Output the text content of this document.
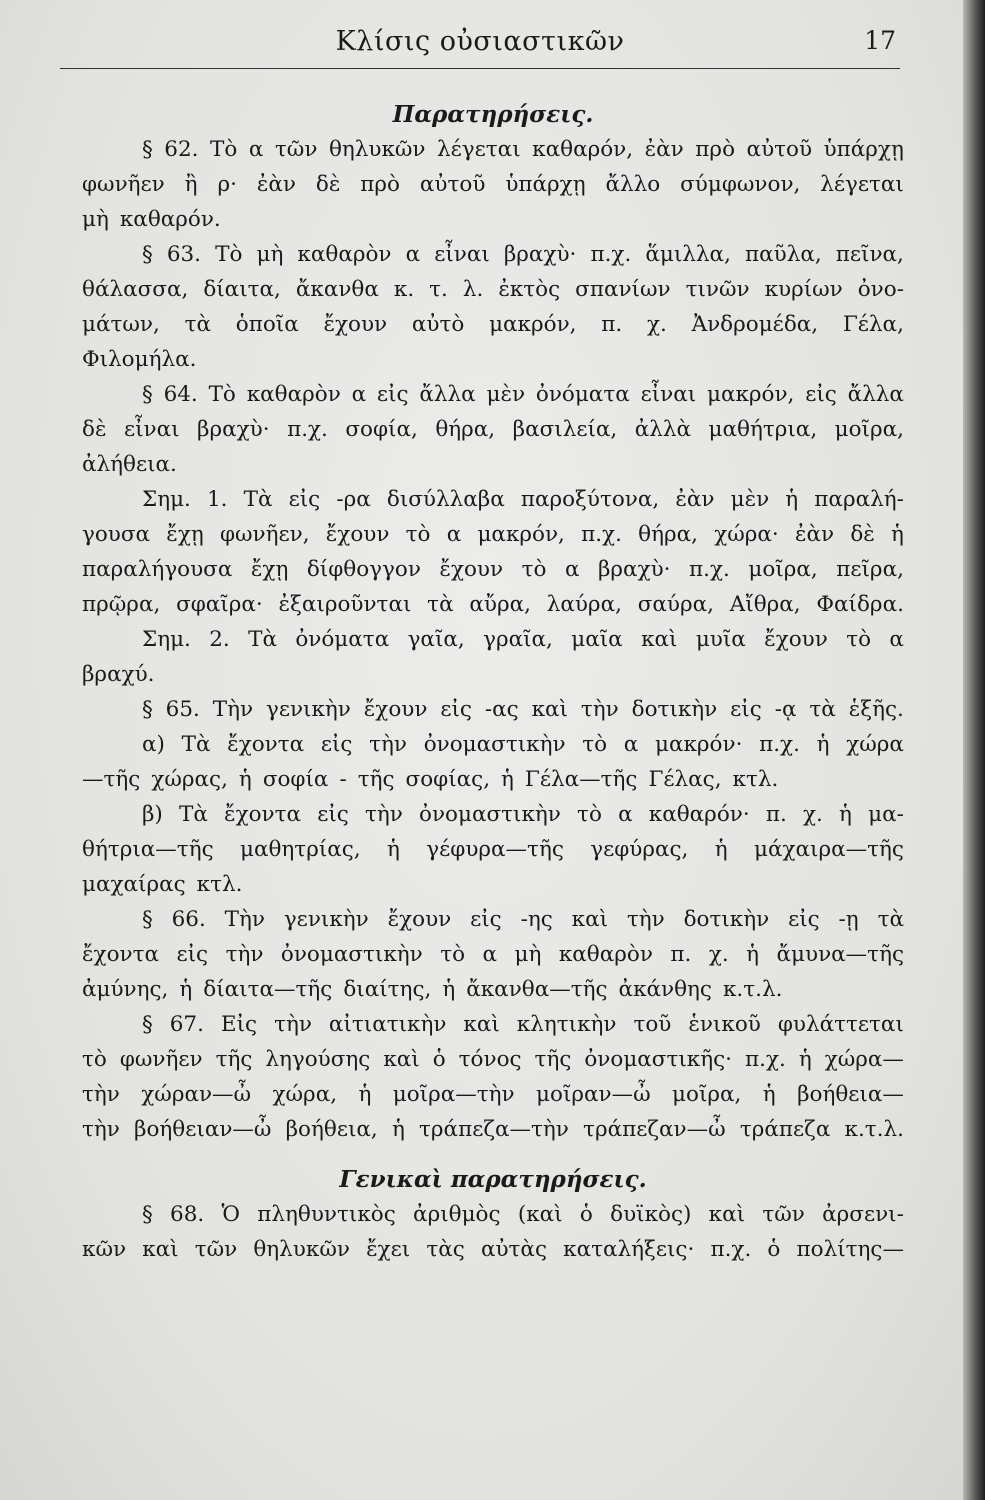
Κλίσις οὐσιαστικῶν	17
Παρατηρήσεις.
§ 62. Τὸ α τῶν θηλυκῶν λέγεται καθαρόν, ἐὰν πρὸ αὐτοῦ ὑπάρχῃ
φωνῆεν ἢ ρ· ἐὰν δὲ πρὸ αὐτοῦ ὑπάρχῃ ἄλλο σύμφωνον, λέγεται
μὴ καθαρόν.
§ 63. Τὸ μὴ καθαρὸν α εἶναι βραχὺ· π.χ. ἅμιλλα, παῦλα, πεῖνα,
θάλασσα, δίαιτα, ἄκανθα κ. τ. λ. ἐκτὸς σπανίων τινῶν κυρίων ὀνο-
μάτων, τὰ ὁποῖα ἔχουν αὐτὸ μακρόν, π. χ. Ἀνδρομέδα, Γέλα,
Φιλομήλα.
§ 64. Τὸ καθαρὸν α εἰς ἄλλα μὲν ὀνόματα εἶναι μακρόν, εἰς ἄλλα
δὲ εἶναι βραχὺ· π.χ. σοφία, θήρα, βασιλεία, ἀλλὰ μαθήτρια, μοῖρα,
ἀλήθεια.
Σημ. 1. Τὰ εἰς -ρα δισύλλαβα παροξύτονα, ἐὰν μὲν ἡ παραλή-
γουσα ἔχῃ φωνῆεν, ἔχουν τὸ α μακρόν, π.χ. θήρα, χώρα· ἐὰν δὲ ἡ
παραλήγουσα ἔχῃ δίφθογγον ἔχουν τὸ α βραχὺ· π.χ. μοῖρα, πεῖρα,
πρῷρα, σφαῖρα· ἐξαιροῦνται τὰ αὔρα, λαύρα, σαύρα, Αἴθρα, Φαίδρα.
Σημ. 2. Τὰ ὀνόματα γαῖα, γραῖα, μαῖα καὶ μυῖα ἔχουν τὸ α
βραχύ.
§ 65. Τὴν γενικὴν ἔχουν εἰς -ας καὶ τὴν δοτικὴν εἰς -ᾳ τὰ ἑξῆς.
α) Τὰ ἔχοντα εἰς τὴν ὀνομαστικὴν τὸ α μακρόν· π.χ. ἡ χώρα
—τῆς χώρας, ἡ σοφία - τῆς σοφίας, ἡ Γέλα—τῆς Γέλας, κτλ.
β) Τὰ ἔχοντα εἰς τὴν ὀνομαστικὴν τὸ α καθαρόν· π. χ. ἡ μα-
θήτρια—τῆς μαθητρίας, ἡ γέφυρα—τῆς γεφύρας, ἡ μάχαιρα—τῆς
μαχαίρας κτλ.
§ 66. Τὴν γενικὴν ἔχουν εἰς -ης καὶ τὴν δοτικὴν εἰς -ῃ τὰ
ἔχοντα εἰς τὴν ὀνομαστικὴν τὸ α μὴ καθαρὸν π. χ. ἡ ἄμυνα—τῆς
ἀμύνης, ἡ δίαιτα—τῆς διαίτης, ἡ ἄκανθα—τῆς ἀκάνθης κ.τ.λ.
§ 67. Εἰς τὴν αἰτιατικὴν καὶ κλητικὴν τοῦ ἑνικοῦ φυλάττεται
τὸ φωνῆεν τῆς ληγούσης καὶ ὁ τόνος τῆς ὀνομαστικῆς· π.χ. ἡ χώρα—
τὴν χώραν—ὦ χώρα, ἡ μοῖρα—τὴν μοῖραν—ὦ μοῖρα, ἡ βοήθεια—
τὴν βοήθειαν—ὦ βοήθεια, ἡ τράπεζα—τὴν τράπεζαν—ὦ τράπεζα κ.τ.λ.
Γενικαὶ παρατηρήσεις.
§ 68. Ὁ πληθυντικὸς ἀριθμὸς (καὶ ὁ δυϊκὸς) καὶ τῶν ἀρσενι-
κῶν καὶ τῶν θηλυκῶν ἔχει τὰς αὐτὰς καταλήξεις· π.χ. ὁ πολίτης—
